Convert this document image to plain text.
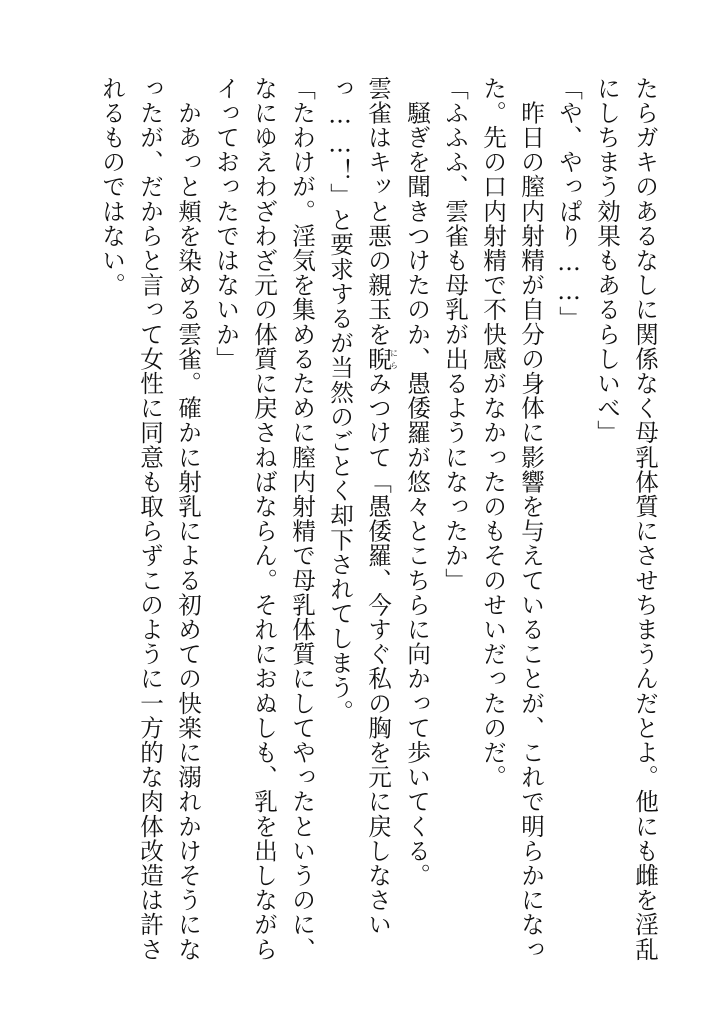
たらガキのあるなしに関係なく母乳体質にさせちまうんだとよ。他にも雌を淫乱
にしちまう効果もあるらしいべ」
「や、やっぱり……」
　昨日の膣内射精が自分の身体に影響を与えていることが、これで明らかになっ
た。先の口内射精で不快感がなかったのもそのせいだったのだ。
「ふふふ、雲雀も母乳が出るようになったか」
　騒ぎを聞きつけたのか、愚倭羅が悠々とこちらに向かって歩いてくる。
雲雀はキッと悪の親玉を睨にらみつけて「愚倭羅、今すぐ私の胸を元に戻しなさい
っ……！」と要求するが当然のごとく却下されてしまう。
「たわけが。淫気を集めるために膣内射精で母乳体質にしてやったというのに、
なにゆえわざわざ元の体質に戻さねばならん。それにおぬしも、乳を出しながら
イっておったではないか」
　かあっと頬を染める雲雀。確かに射乳による初めての快楽に溺れかけそうにな
ったが、だからと言って女性に同意も取らずこのように一方的な肉体改造は許さ
れるものではない。
